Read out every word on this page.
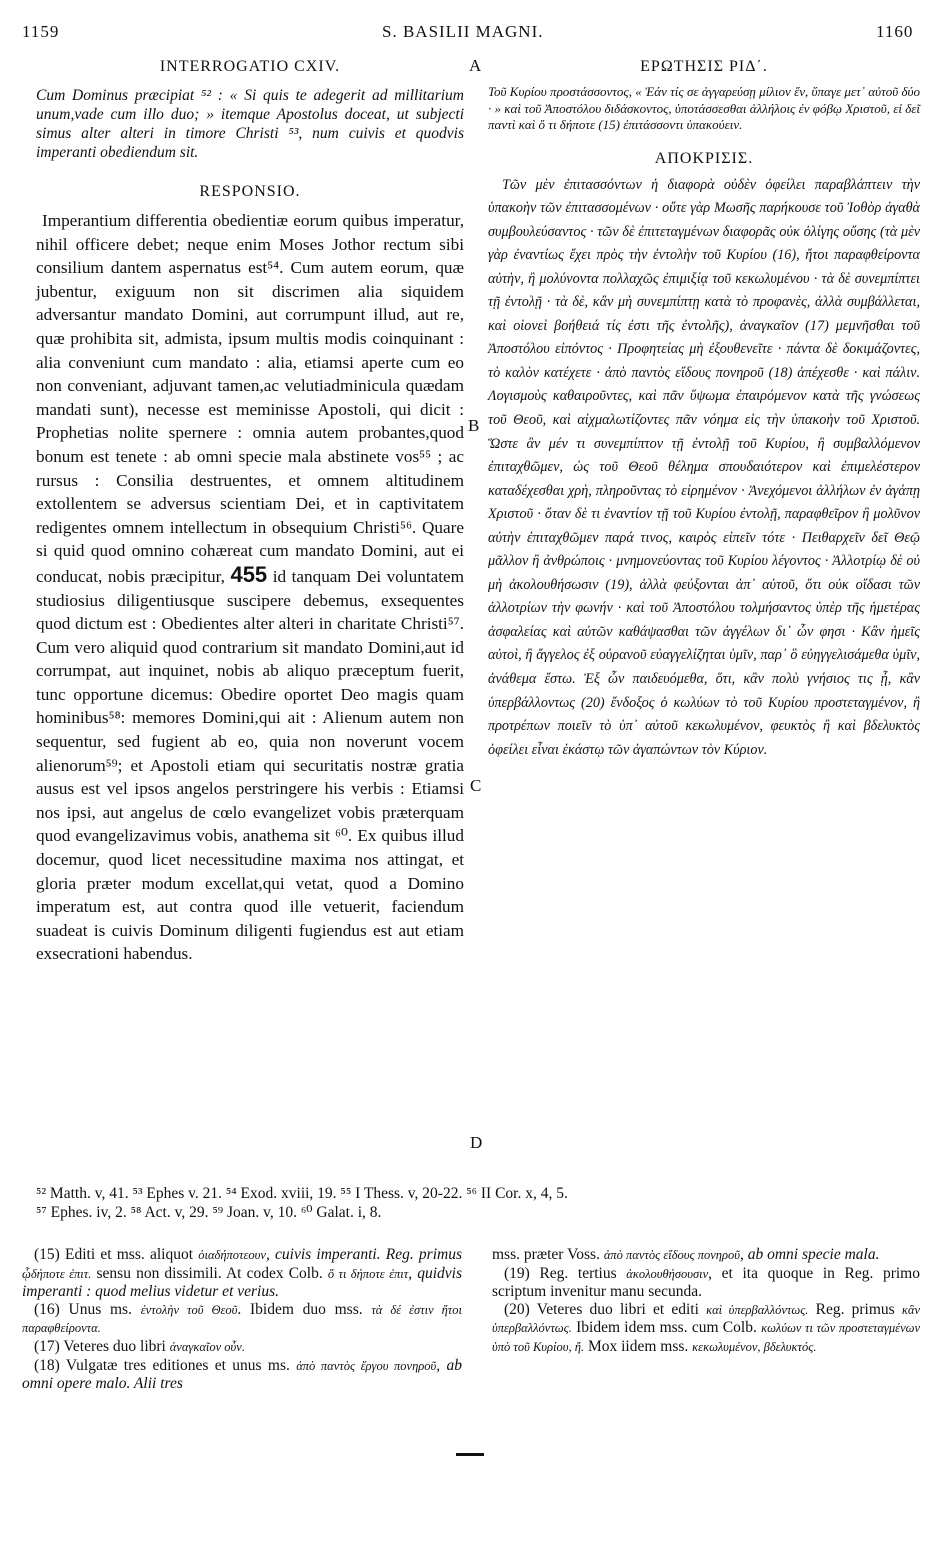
1159	S. BASILII MAGNI.	1160
A
B
C
D
INTERROGATIO CXIV.

Cum Dominus præcipiat ⁵² : « Si quis te adegerit ad millitarium unum,vade cum illo duo; » itemque Apostolus doceat, ut subjecti simus alter alteri in timore Christi ⁵³, num cuivis et quodvis imperanti obediendum sit.

RESPONSIO.

Imperantium differentia obedientiæ eorum quibus imperatur, nihil officere debet; neque enim Moses Jothor rectum sibi consilium dantem aspernatus est⁵⁴. Cum autem eorum, quæ jubentur, exiguum non sit discrimen alia siquidem adversantur mandato Domini, aut corrumpunt illud, aut re, quæ prohibita sit, admista, ipsum multis modis coinquinant : alia conveniunt cum mandato : alia, etiamsi aperte cum eo non conveniant, adjuvant tamen,ac velutiadminicula quædam mandati sunt), necesse est meminisse Apostoli, qui dicit : Prophetias nolite spernere : omnia autem probantes,quod bonum est tenete : ab omni specie mala abstinete vos⁵⁵ ; ac rursus : Consilia destruentes, et omnem altitudinem extollentem se adversus scientiam Dei, et in captivitatem redigentes omnem intellectum in obsequium Christi⁵⁶. Quare si quid quod omnino cohæreat cum mandato Domini, aut ei conducat, nobis præcipitur, 455 id tanquam Dei voluntatem studiosius diligentiusque suscipere debemus, exsequentes quod dictum est : Obedientes alter alteri in charitate Christi⁵⁷. Cum vero aliquid quod contrarium sit mandato Domini,aut id corrumpat, aut inquinet, nobis ab aliquo præceptum fuerit, tunc opportune dicemus: Obedire oportet Deo magis quam hominibus⁵⁸: memores Domini,qui ait : Alienum autem non sequentur, sed fugient ab eo, quia non noverunt vocem alienorum⁵⁹; et Apostoli etiam qui securitatis nostræ gratia ausus est vel ipsos angelos perstringere his verbis : Etiamsi nos ipsi, aut angelus de cœlo evangelizet vobis præterquam quod evangelizavimus vobis, anathema sit ⁶⁰. Ex quibus illud docemur, quod licet necessitudine maxima nos attingat, et gloria præter modum excellat,qui vetat, quod a Domino imperatum est, aut contra quod ille vetuerit, faciendum suadeat is cuivis Dominum diligenti fugiendus est aut etiam exsecrationi habendus.

ΕΡΩΤΗΣΙΣ ΡΙΔ΄.

Τοῦ Κυρίου προστάσσοντος, « Ἐάν τίς σε ἀγγαρεύσῃ μίλιον ἕν, ὕπαγε μετ᾽ αὐτοῦ δύο · » καὶ τοῦ Ἀποστόλου διδάσκοντος, ὑποτάσσεσθαι ἀλλήλοις ἐν φόβῳ Χριστοῦ, εἰ δεῖ παντὶ καὶ ὅ τι δήποτε (15) ἐπιτάσσοντι ὑπακούειν.

ΑΠΟΚΡΙΣΙΣ.

Τῶν μὲν ἐπιτασσόντων ἡ διαφορὰ οὐδὲν ὀφείλει παραβλάπτειν τὴν ὑπακοὴν τῶν ἐπιτασσομένων · οὔτε γὰρ Μωσῆς παρήκουσε τοῦ Ἰοθὸρ ἀγαθὰ συμβουλεύσαντος · τῶν δὲ ἐπιτεταγμένων διαφορᾶς οὐκ ὀλίγης οὔσης (τὰ μὲν γὰρ ἐναντίως ἔχει πρὸς τὴν ἐντολὴν τοῦ Κυρίου (16), ἤτοι παραφθείροντα αὐτὴν, ἢ μολύνοντα πολλαχῶς ἐπιμιξίᾳ τοῦ κεκωλυμένου · τὰ δὲ συνεμπίπτει τῇ ἐντολῇ · τὰ δὲ, κἂν μὴ συνεμπίπτῃ κατὰ τὸ προφανὲς, ἀλλὰ συμβάλλεται, καὶ οἱονεὶ βοήθειά τίς ἐστι τῆς ἐντολῆς), ἀναγκαῖον (17) μεμνῆσθαι τοῦ Ἀποστόλου εἰπόντος · Προφητείας μὴ ἐξουθενεῖτε · πάντα δὲ δοκιμάζοντες, τὸ καλὸν κατέχετε · ἀπὸ παντὸς εἴδους πονηροῦ (18) ἀπέχεσθε · καὶ πάλιν. Λογισμοὺς καθαιροῦντες, καὶ πᾶν ὕψωμα ἐπαιρόμενον κατὰ τῆς γνώσεως τοῦ Θεοῦ, καὶ αἰχμαλωτίζοντες πᾶν νόημα εἰς τὴν ὑπακοὴν τοῦ Χριστοῦ. Ὥστε ἂν μέν τι συνεμπίπτον τῇ ἐντολῇ τοῦ Κυρίου, ἢ συμβαλλόμενον ἐπιταχθῶμεν, ὡς τοῦ Θεοῦ θέλημα σπουδαιότερον καὶ ἐπιμελέστερον καταδέχεσθαι χρὴ, πληροῦντας τὸ εἰρημένον · Ἀνεχόμενοι ἀλλήλων ἐν ἀγάπῃ Χριστοῦ · ὅταν δὲ τι ἐναντίον τῇ τοῦ Κυρίου ἐντολῇ, παραφθεῖρον ἢ μολῦνον αὐτὴν ἐπιταχθῶμεν παρά τινος, καιρὸς εἰπεῖν τότε · Πειθαρχεῖν δεῖ Θεῷ μᾶλλον ἢ ἀνθρώποις · μνημονεύοντας τοῦ Κυρίου λέγοντος · Ἀλλοτρίῳ δὲ οὐ μὴ ἀκολουθήσωσιν (19), ἀλλὰ φεύξονται ἀπ᾽ αὐτοῦ, ὅτι οὐκ οἴδασι τῶν ἀλλοτρίων τὴν φωνήν · καὶ τοῦ Ἀποστόλου τολμήσαντος ὑπὲρ τῆς ἡμετέρας ἀσφαλείας καὶ αὐτῶν καθάψασθαι τῶν ἀγγέλων δι᾽ ὧν φησι · Κἂν ἡμεῖς αὐτοὶ, ἢ ἄγγελος ἐξ οὐρανοῦ εὐαγγελίζηται ὑμῖν, παρ᾽ ὃ εὐηγγελισάμεθα ὑμῖν, ἀνάθεμα ἔστω. Ἐξ ὧν παιδευόμεθα, ὅτι, κἂν πολὺ γνήσιος τις ᾖ, κἂν ὑπερβάλλοντως (20) ἔνδοξος ὁ κωλύων τὸ τοῦ Κυρίου προστεταγμένον, ἢ προτρέπων ποιεῖν τὸ ὑπ᾽ αὐτοῦ κεκωλυμένον, φευκτὸς ἢ καὶ βδελυκτὸς ὀφείλει εἶναι ἑκάστῳ τῶν ἀγαπώντων τὸν Κύριον.

⁵² Matth. v, 41. ⁵³ Ephes v. 21. ⁵⁴ Exod. xviii, 19. ⁵⁵ I Thess. v, 20-22. ⁵⁶ II Cor. x, 4, 5.
⁵⁷ Ephes. iv, 2. ⁵⁸ Act. v, 29. ⁵⁹ Joan. v, 10. ⁶⁰ Galat. i, 8.

(15) Editi et mss. aliquot ὁιαδήποτεουν, cuivis imperanti. Reg. primus ᾧδήποτε ἐπιτ. sensu non dissimili. At codex Colb. ὅ τι δήποτε ἐπιτ, quidvis imperanti : quod melius videtur et verius.

(16) Unus ms. ἐντολὴν τοῦ Θεοῦ. Ibidem duo mss. τὰ δέ ἐστιν ἤτοι παραφθείροντα.

(17) Veteres duo libri ἀναγκαῖον οὖν.

(18) Vulgatæ tres editiones et unus ms. ἀπὸ παντὸς ἔργου πονηροῦ, ab omni opere malo. Alii tres

mss. præter Voss. ἀπὸ παντὸς εἴδους πονηροῦ, ab omni specie mala.

(19) Reg. tertius ἀκολουθήσουσιν, et ita quoque in Reg. primo scriptum invenitur manu secunda.

(20) Veteres duo libri et editi καὶ ὑπερβαλλόντως. Reg. primus κἂν ὑπερβαλλόντως. Ibidem idem mss. cum Colb. κωλύων τι τῶν προστεταγμένων ὑπὸ τοῦ Κυρίου, ἤ. Mox iidem mss. κεκωλυμένον, βδελυκτός.
